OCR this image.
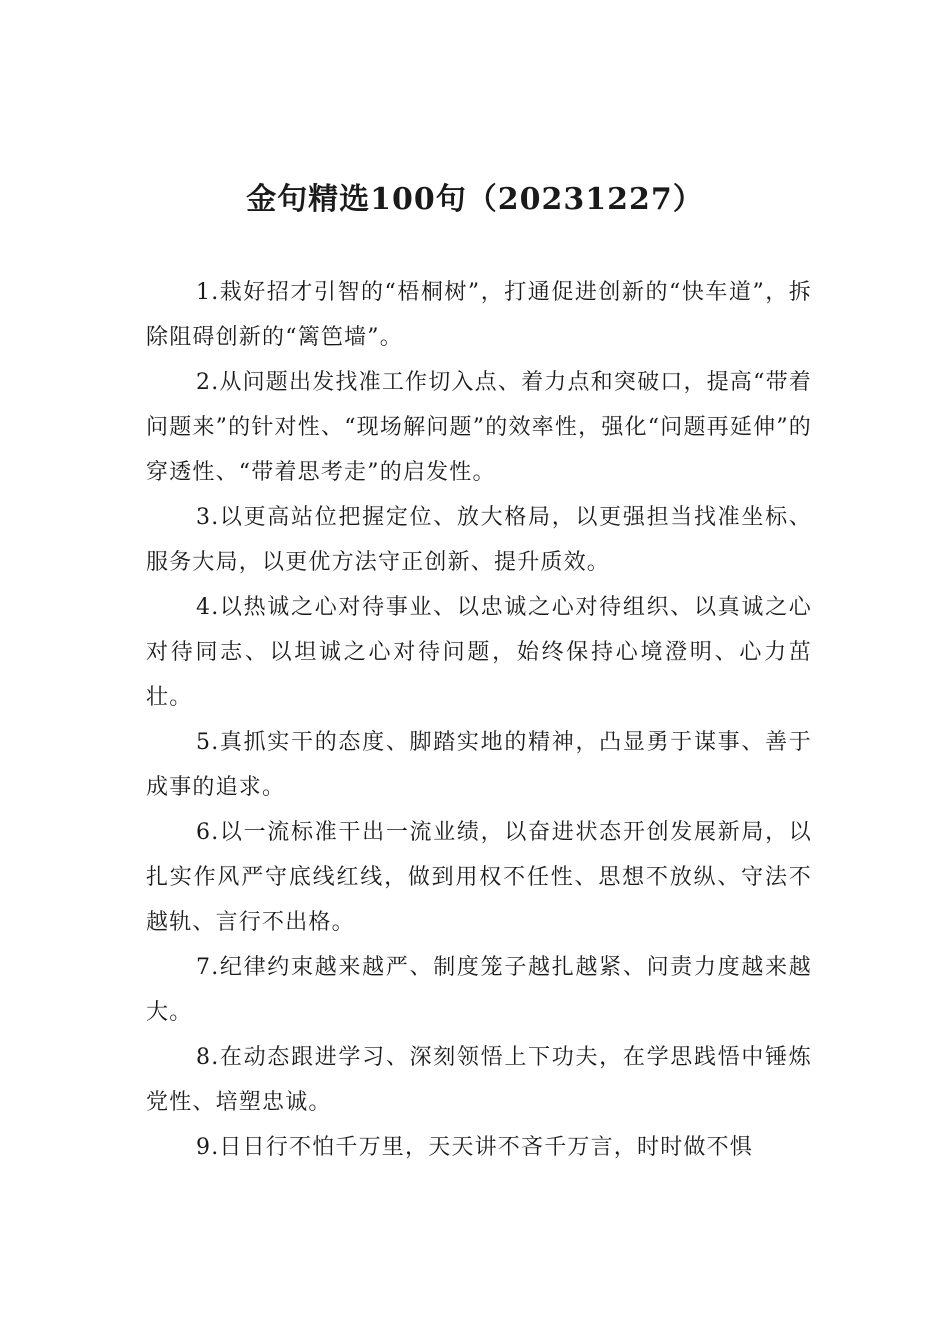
金句精选100句（20231227）

1.栽好招才引智的“梧桐树”，打通促进创新的“快车道”，拆除阻碍创新的“篱笆墙”。

2.从问题出发找准工作切入点、着力点和突破口，提高“带着问题来”的针对性、“现场解问题”的效率性，强化“问题再延伸”的穿透性、“带着思考走”的启发性。

3.以更高站位把握定位、放大格局，以更强担当找准坐标、服务大局，以更优方法守正创新、提升质效。

4.以热诚之心对待事业、以忠诚之心对待组织、以真诚之心对待同志、以坦诚之心对待问题，始终保持心境澄明、心力茁壮。

5.真抓实干的态度、脚踏实地的精神，凸显勇于谋事、善于成事的追求。

6.以一流标准干出一流业绩，以奋进状态开创发展新局，以扎实作风严守底线红线，做到用权不任性、思想不放纵、守法不越轨、言行不出格。

7.纪律约束越来越严、制度笼子越扎越紧、问责力度越来越大。

8.在动态跟进学习、深刻领悟上下功夫，在学思践悟中锤炼党性、培塑忠诚。

9.日日行不怕千万里，天天讲不吝千万言，时时做不惧
